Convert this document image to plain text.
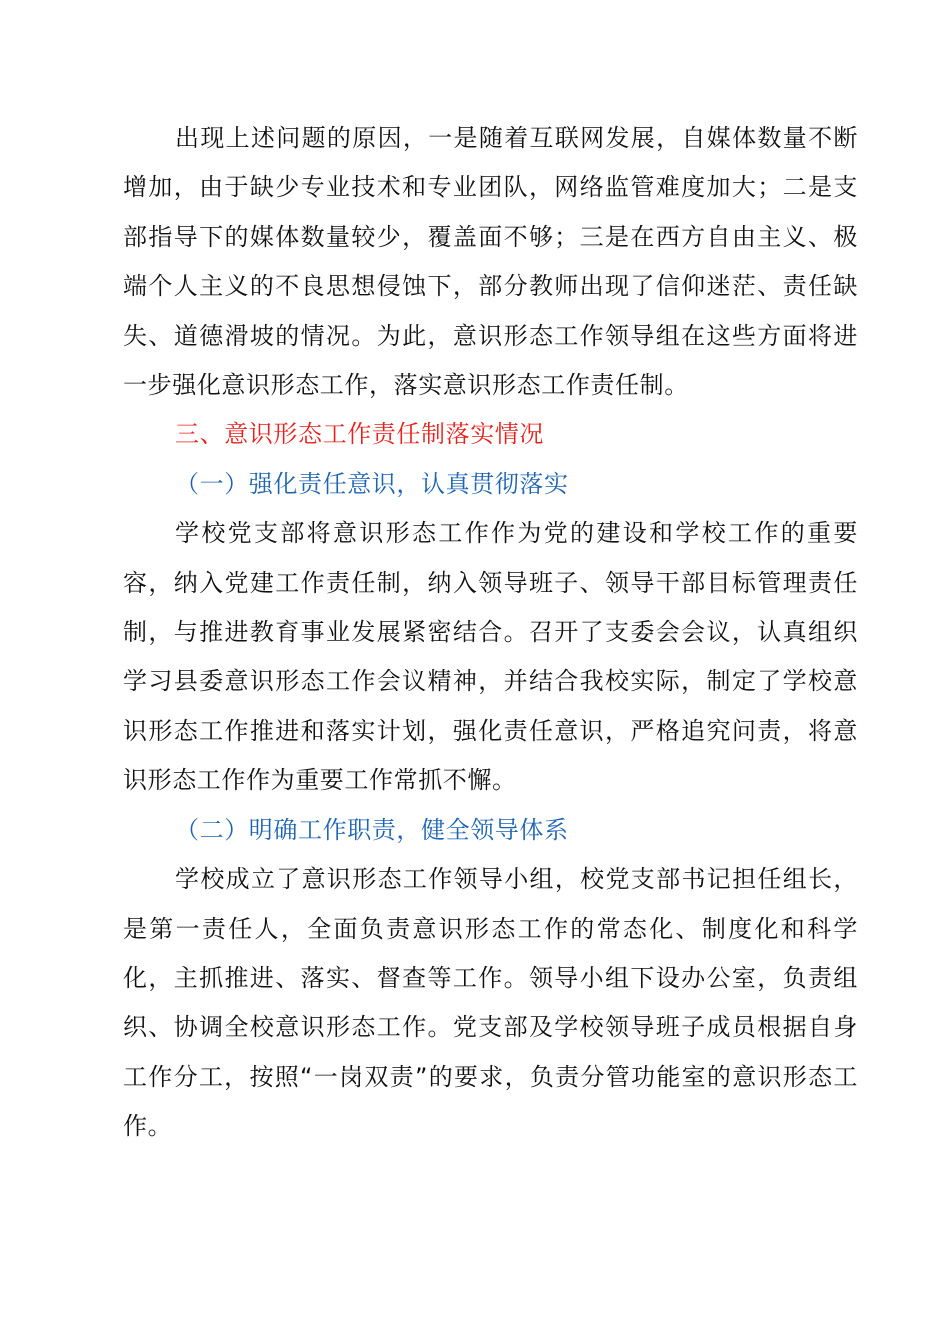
出现上述问题的原因，一是随着互联网发展，自媒体数量不断增加，由于缺少专业技术和专业团队，网络监管难度加大；二是支部指导下的媒体数量较少，覆盖面不够；三是在西方自由主义、极端个人主义的不良思想侵蚀下，部分教师出现了信仰迷茫、责任缺失、道德滑坡的情况。为此，意识形态工作领导组在这些方面将进一步强化意识形态工作，落实意识形态工作责任制。

三、意识形态工作责任制落实情况

（一）强化责任意识，认真贯彻落实

学校党支部将意识形态工作作为党的建设和学校工作的重要容，纳入党建工作责任制，纳入领导班子、领导干部目标管理责任制，与推进教育事业发展紧密结合。召开了支委会会议，认真组织学习县委意识形态工作会议精神，并结合我校实际，制定了学校意识形态工作推进和落实计划，强化责任意识，严格追究问责，将意识形态工作作为重要工作常抓不懈。

（二）明确工作职责，健全领导体系

学校成立了意识形态工作领导小组，校党支部书记担任组长，是第一责任人，全面负责意识形态工作的常态化、制度化和科学化，主抓推进、落实、督查等工作。领导小组下设办公室，负责组织、协调全校意识形态工作。党支部及学校领导班子成员根据自身工作分工，按照“一岗双责”的要求，负责分管功能室的意识形态工作。
